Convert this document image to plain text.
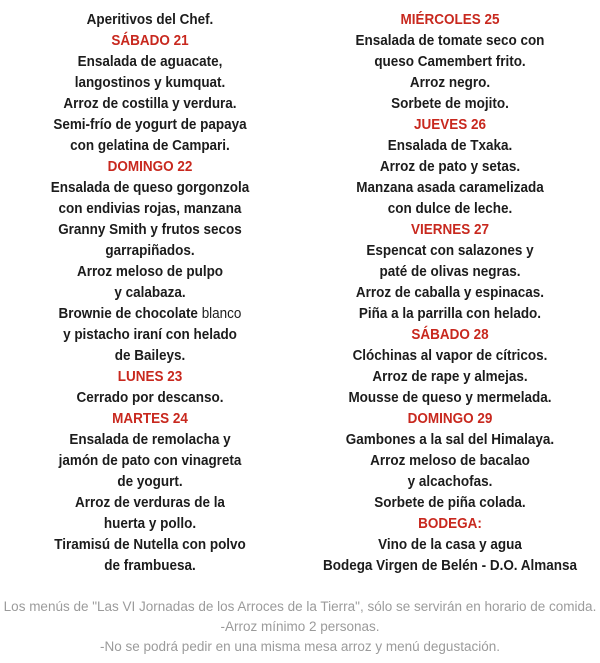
Aperitivos del Chef.
SÁBADO 21
Ensalada de aguacate,
langostinos y kumquat.
Arroz de costilla y verdura.
Semi-frío de yogurt de papaya
con gelatina de Campari.
DOMINGO 22
Ensalada de queso gorgonzola
con endivias rojas, manzana
Granny Smith y frutos secos
garrapiñados.
Arroz meloso de pulpo
y calabaza.
Brownie de chocolate blanco
y pistacho iraní con helado
de Baileys.
LUNES 23
Cerrado por descanso.
MARTES 24
Ensalada de remolacha y
jamón de pato con vinagreta
de yogurt.
Arroz de verduras de la
huerta y pollo.
Tiramisú de Nutella con polvo
de frambuesa.
MIÉRCOLES 25
Ensalada de tomate seco con
queso Camembert frito.
Arroz negro.
Sorbete de mojito.
JUEVES 26
Ensalada de Txaka.
Arroz de pato y setas.
Manzana asada caramelizada
con dulce de leche.
VIERNES 27
Espencat con salazones y
paté de olivas negras.
Arroz de caballa y espinacas.
Piña a la parrilla con helado.
SÁBADO 28
Clóchinas al vapor de cítricos.
Arroz de rape y almejas.
Mousse de queso y mermelada.
DOMINGO 29
Gambones a la sal del Himalaya.
Arroz meloso de bacalao
y alcachofas.
Sorbete de piña colada.
BODEGA:
Vino de la casa y agua
Bodega Virgen de Belén - D.O. Almansa
Los menús de "Las VI Jornadas de los Arroces de la Tierra", sólo se servirán en horario de comida.
-Arroz mínimo 2 personas.
-No se podrá pedir en una misma mesa arroz y menú degustación.
